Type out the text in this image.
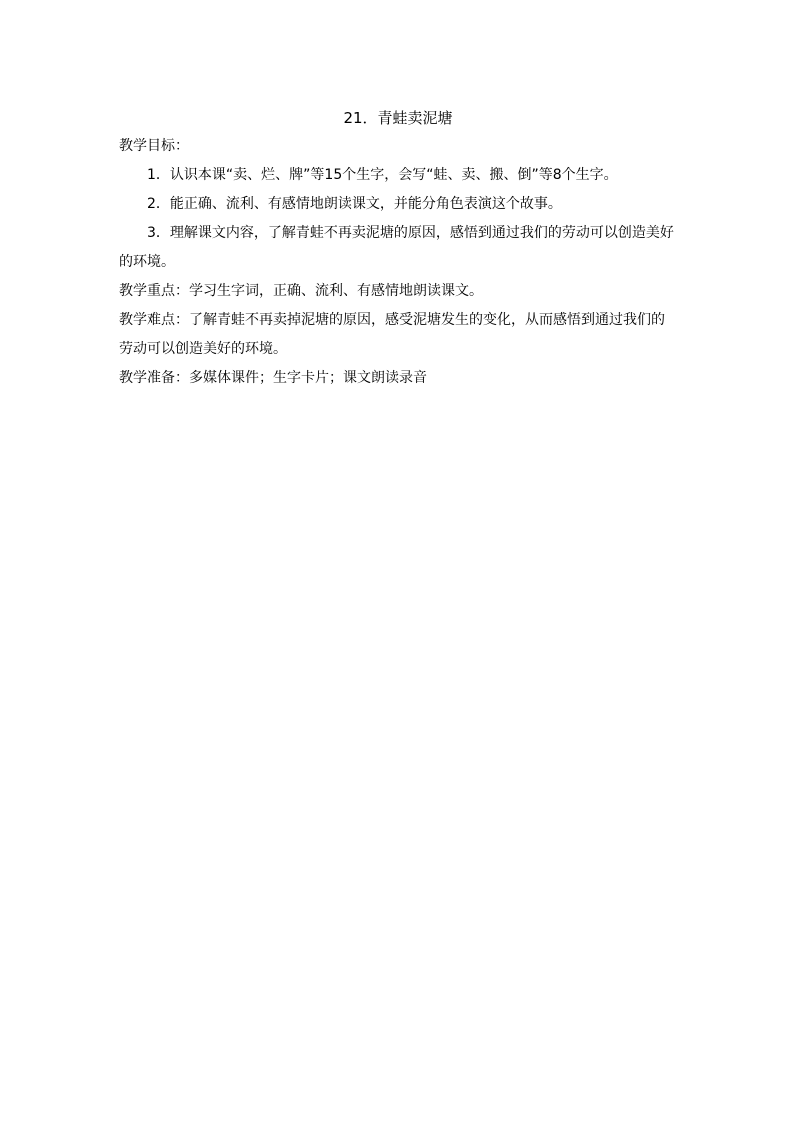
21．青蛙卖泥塘

教学目标：

1．认识本课“卖、烂、牌”等15个生字，会写“蛙、卖、搬、倒”等8个生字。

2．能正确、流利、有感情地朗读课文，并能分角色表演这个故事。

3．理解课文内容，了解青蛙不再卖泥塘的原因，感悟到通过我们的劳动可以创造美好的环境。

教学重点：学习生字词，正确、流利、有感情地朗读课文。

教学难点：了解青蛙不再卖掉泥塘的原因，感受泥塘发生的变化，从而感悟到通过我们的劳动可以创造美好的环境。

教学准备：多媒体课件；生字卡片；课文朗读录音
